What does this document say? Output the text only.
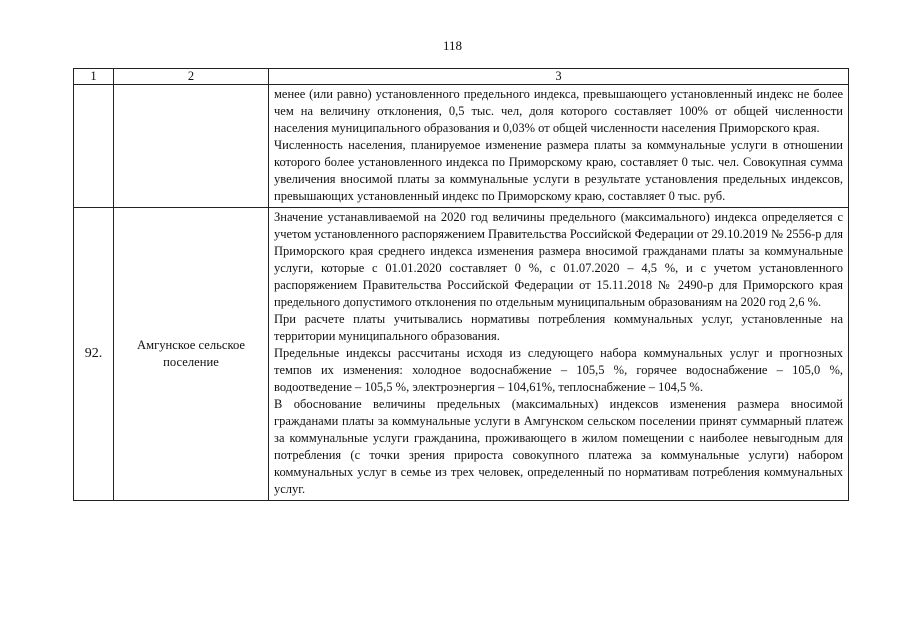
118
1	2	3

		менее (или равно) установленного предельного индекса, превышающего установленный индекс не более чем на величину отклонения, 0,5 тыс. чел, доля которого составляет 100% от общей численности населения муниципального образования и 0,03% от общей численности населения Приморского края.

Численность населения, планируемое изменение размера платы за коммунальные услуги в отношении которого более установленного индекса по Приморскому краю, составляет 0 тыс. чел. Совокупная сумма увеличения вносимой платы за коммунальные услуги в результате установления предельных индексов, превышающих установленный индекс по Приморскому краю, составляет 0 тыс. руб.

92.	Амгунское сельское поселение	Значение устанавливаемой на 2020 год величины предельного (максимального) индекса определяется с учетом установленного распоряжением Правительства Российской Федерации от 29.10.2019 № 2556-р для Приморского края среднего индекса изменения размера вносимой гражданами платы за коммунальные услуги, которые с 01.01.2020 составляет 0 %, с 01.07.2020 – 4,5 %, и с учетом установленного распоряжением Правительства Российской Федерации от 15.11.2018 № 2490-р для Приморского края предельного допустимого отклонения по отдельным муниципальным образованиям на 2020 год 2,6 %.

При расчете платы учитывались нормативы потребления коммунальных услуг, установленные на территории муниципального образования.

Предельные индексы рассчитаны исходя из следующего набора коммунальных услуг и прогнозных темпов их изменения: холодное водоснабжение – 105,5 %, горячее водоснабжение – 105,0 %, водоотведение – 105,5 %, электроэнергия – 104,61%, теплоснабжение – 104,5 %.

В обоснование величины предельных (максимальных) индексов изменения размера вносимой гражданами платы за коммунальные услуги в Амгунском сельском поселении принят суммарный платеж за коммунальные услуги гражданина, проживающего в жилом помещении с наиболее невыгодным для потребления (с точки зрения прироста совокупного платежа за коммунальные услуги) набором коммунальных услуг в семье из трех человек, определенный по нормативам потребления коммунальных услуг.
